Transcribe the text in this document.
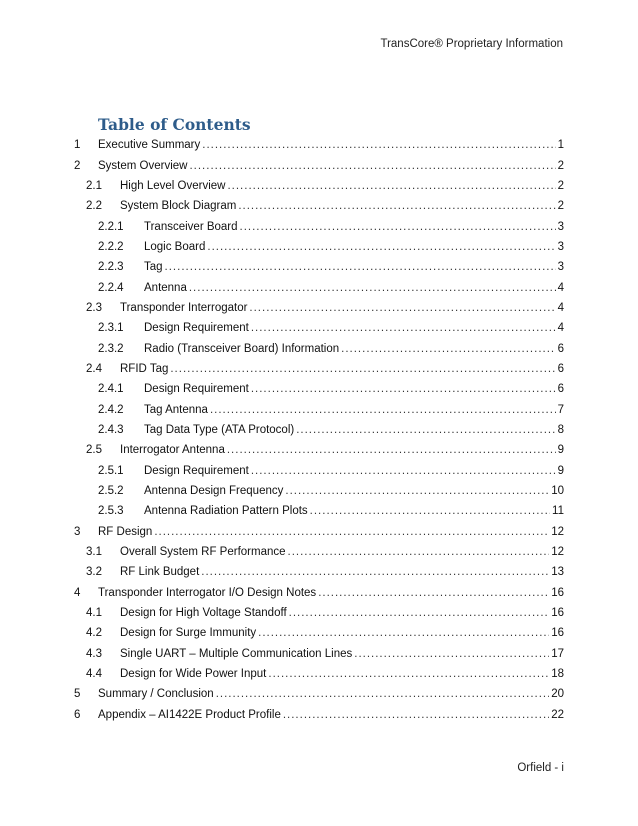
TransCore® Proprietary Information
Table of Contents
1 Executive Summary .....	1
2 System Overview .....	2
2.1 High Level Overview .....	2
2.2 System Block Diagram .....	2
2.2.1 Transceiver Board .....	3
2.2.2 Logic Board .....	3
2.2.3 Tag .....	3
2.2.4 Antenna .....	4
2.3 Transponder Interrogator .....	4
2.3.1 Design Requirement .....	4
2.3.2 Radio (Transceiver Board) Information .....	6
2.4 RFID Tag .....	6
2.4.1 Design Requirement .....	6
2.4.2 Tag Antenna .....	7
2.4.3 Tag Data Type (ATA Protocol) .....	8
2.5 Interrogator Antenna .....	9
2.5.1 Design Requirement .....	9
2.5.2 Antenna Design Frequency .....	10
2.5.3 Antenna Radiation Pattern Plots .....	11
3 RF Design .....	12
3.1 Overall System RF Performance .....	12
3.2 RF Link Budget .....	13
4 Transponder Interrogator I/O Design Notes .....	16
4.1 Design for High Voltage Standoff .....	16
4.2 Design for Surge Immunity .....	16
4.3 Single UART – Multiple Communication Lines .....	17
4.4 Design for Wide Power Input .....	18
5 Summary / Conclusion .....	20
6 Appendix – AI1422E Product Profile .....	22
Orfield - i
